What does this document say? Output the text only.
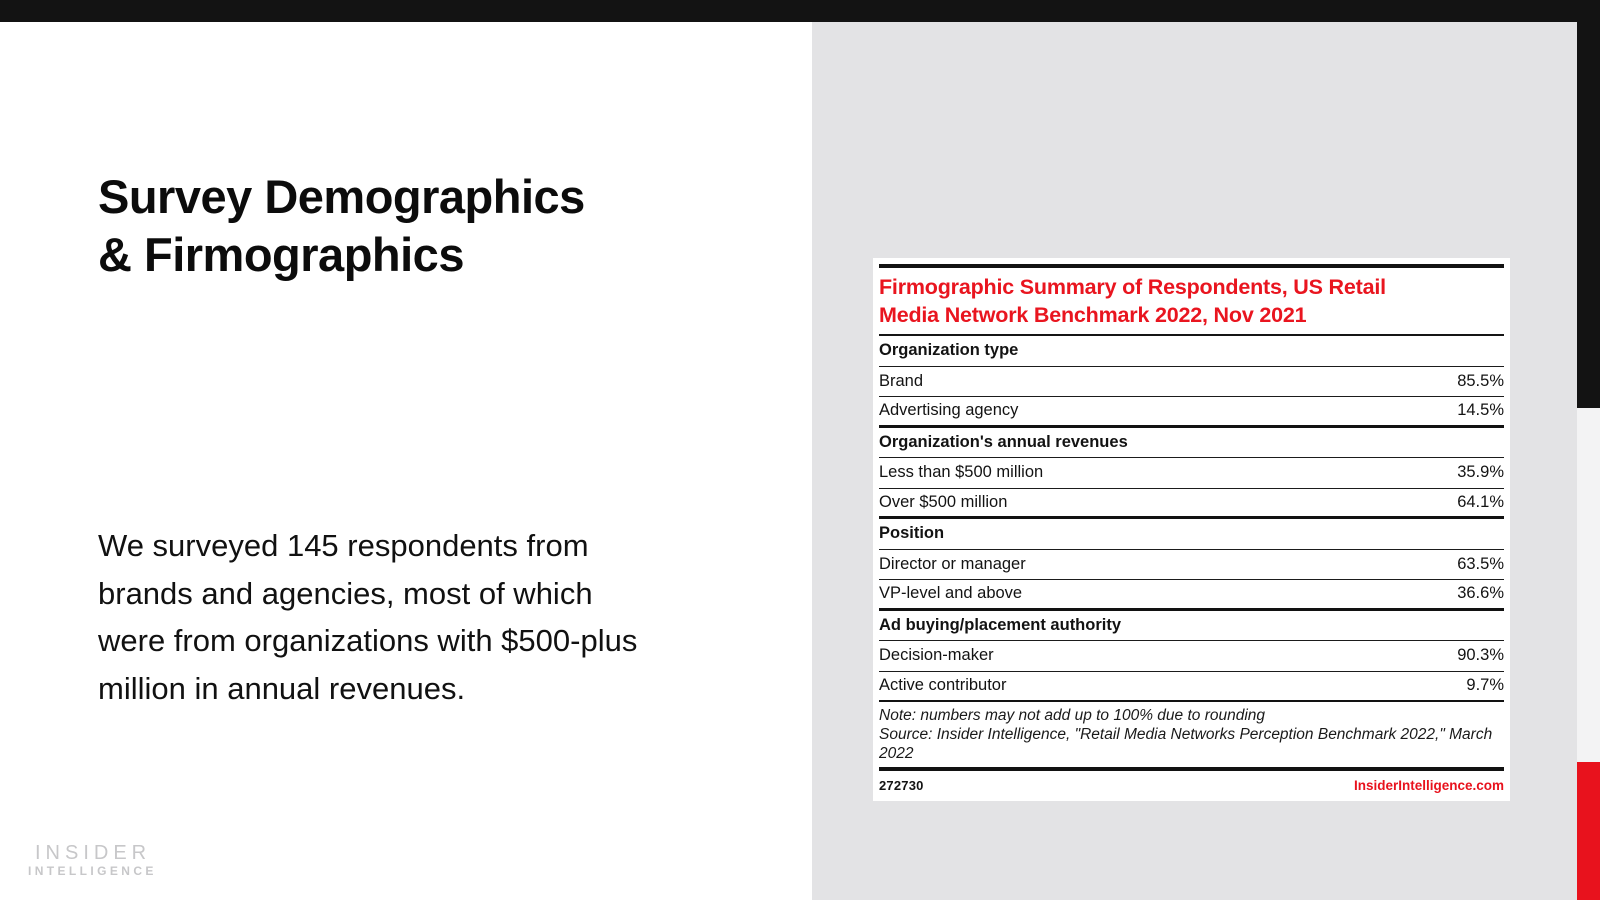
Survey Demographics
& Firmographics

We surveyed 145 respondents from
brands and agencies, most of which
were from organizations with $500-plus
million in annual revenues.

INSIDER
INTELLIGENCE
Firmographic Summary of Respondents, US Retail
Media Network Benchmark 2022, Nov 2021
Organization type
Brand	85.5%
Advertising agency	14.5%
Organization's annual revenues
Less than $500 million	35.9%
Over $500 million	64.1%
Position
Director or manager	63.5%
VP-level and above	36.6%
Ad buying/placement authority
Decision-maker	90.3%
Active contributor	9.7%
Note: numbers may not add up to 100% due to rounding
Source: Insider Intelligence, "Retail Media Networks Perception Benchmark 2022," March
2022
272730	InsiderIntelligence.com
